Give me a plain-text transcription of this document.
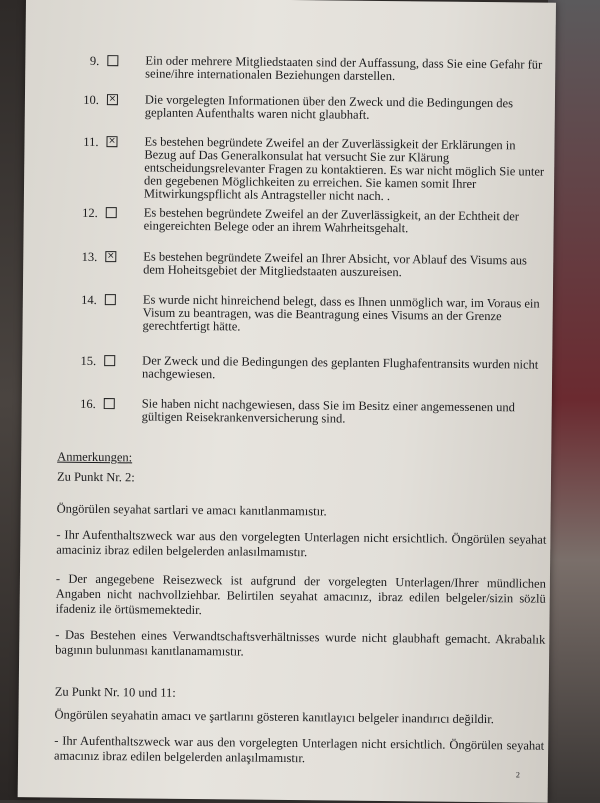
9.	Ein oder mehrere Mitgliedstaaten sind der Auffassung, dass Sie eine Gefahr für seine/ihre internationalen Beziehungen darstellen.
10. × Die vorgelegten Informationen über den Zweck und die Bedingungen des geplanten Aufenthalts waren nicht glaubhaft.
11. × Es bestehen begründete Zweifel an der Zuverlässigkeit der Erklärungen in Bezug auf Das Generalkonsulat hat versucht Sie zur Klärung entscheidungsrelevanter Fragen zu kontaktieren. Es war nicht möglich Sie unter den gegebenen Möglichkeiten zu erreichen. Sie kamen somit Ihrer Mitwirkungspflicht als Antragsteller nicht nach. .
12.	Es bestehen begründete Zweifel an der Zuverlässigkeit, an der Echtheit der eingereichten Belege oder an ihrem Wahrheitsgehalt.
13. × Es bestehen begründete Zweifel an Ihrer Absicht, vor Ablauf des Visums aus dem Hoheitsgebiet der Mitgliedstaaten auszureisen.
14.	Es wurde nicht hinreichend belegt, dass es Ihnen unmöglich war, im Voraus ein Visum zu beantragen, was die Beantragung eines Visums an der Grenze gerechtfertigt hätte.
15.	Der Zweck und die Bedingungen des geplanten Flughafentransits wurden nicht nachgewiesen.
16.	Sie haben nicht nachgewiesen, dass Sie im Besitz einer angemessenen und gültigen Reisekrankenversicherung sind.
Anmerkungen:
Zu Punkt Nr. 2:
Öngörülen seyahat sartlari ve amacı kanıtlanmamıstır.
- Ihr Aufenthaltszweck war aus den vorgelegten Unterlagen nicht ersichtlich. Öngörülen seyahat amaciniz ibraz edilen belgelerden anlasılmamıstır.
- Der angegebene Reisezweck ist aufgrund der vorgelegten Unterlagen/Ihrer mündlichen Angaben nicht nachvollziehbar. Belirtilen seyahat amacınız, ibraz edilen belgeler/sizin sözlü ifadeniz ile örtüsmemektedir.
- Das Bestehen eines Verwandtschaftsverhältnisses wurde nicht glaubhaft gemacht. Akrabalık bagının bulunması kanıtlanamamıstır.
Zu Punkt Nr. 10 und 11:
Öngörülen seyahatin amacı ve şartlarını gösteren kanıtlayıcı belgeler inandırıcı değildir.
- Ihr Aufenthaltszweck war aus den vorgelegten Unterlagen nicht ersichtlich. Öngörülen seyahat amacınız ibraz edilen belgelerden anlaşılmamıstır.
2
